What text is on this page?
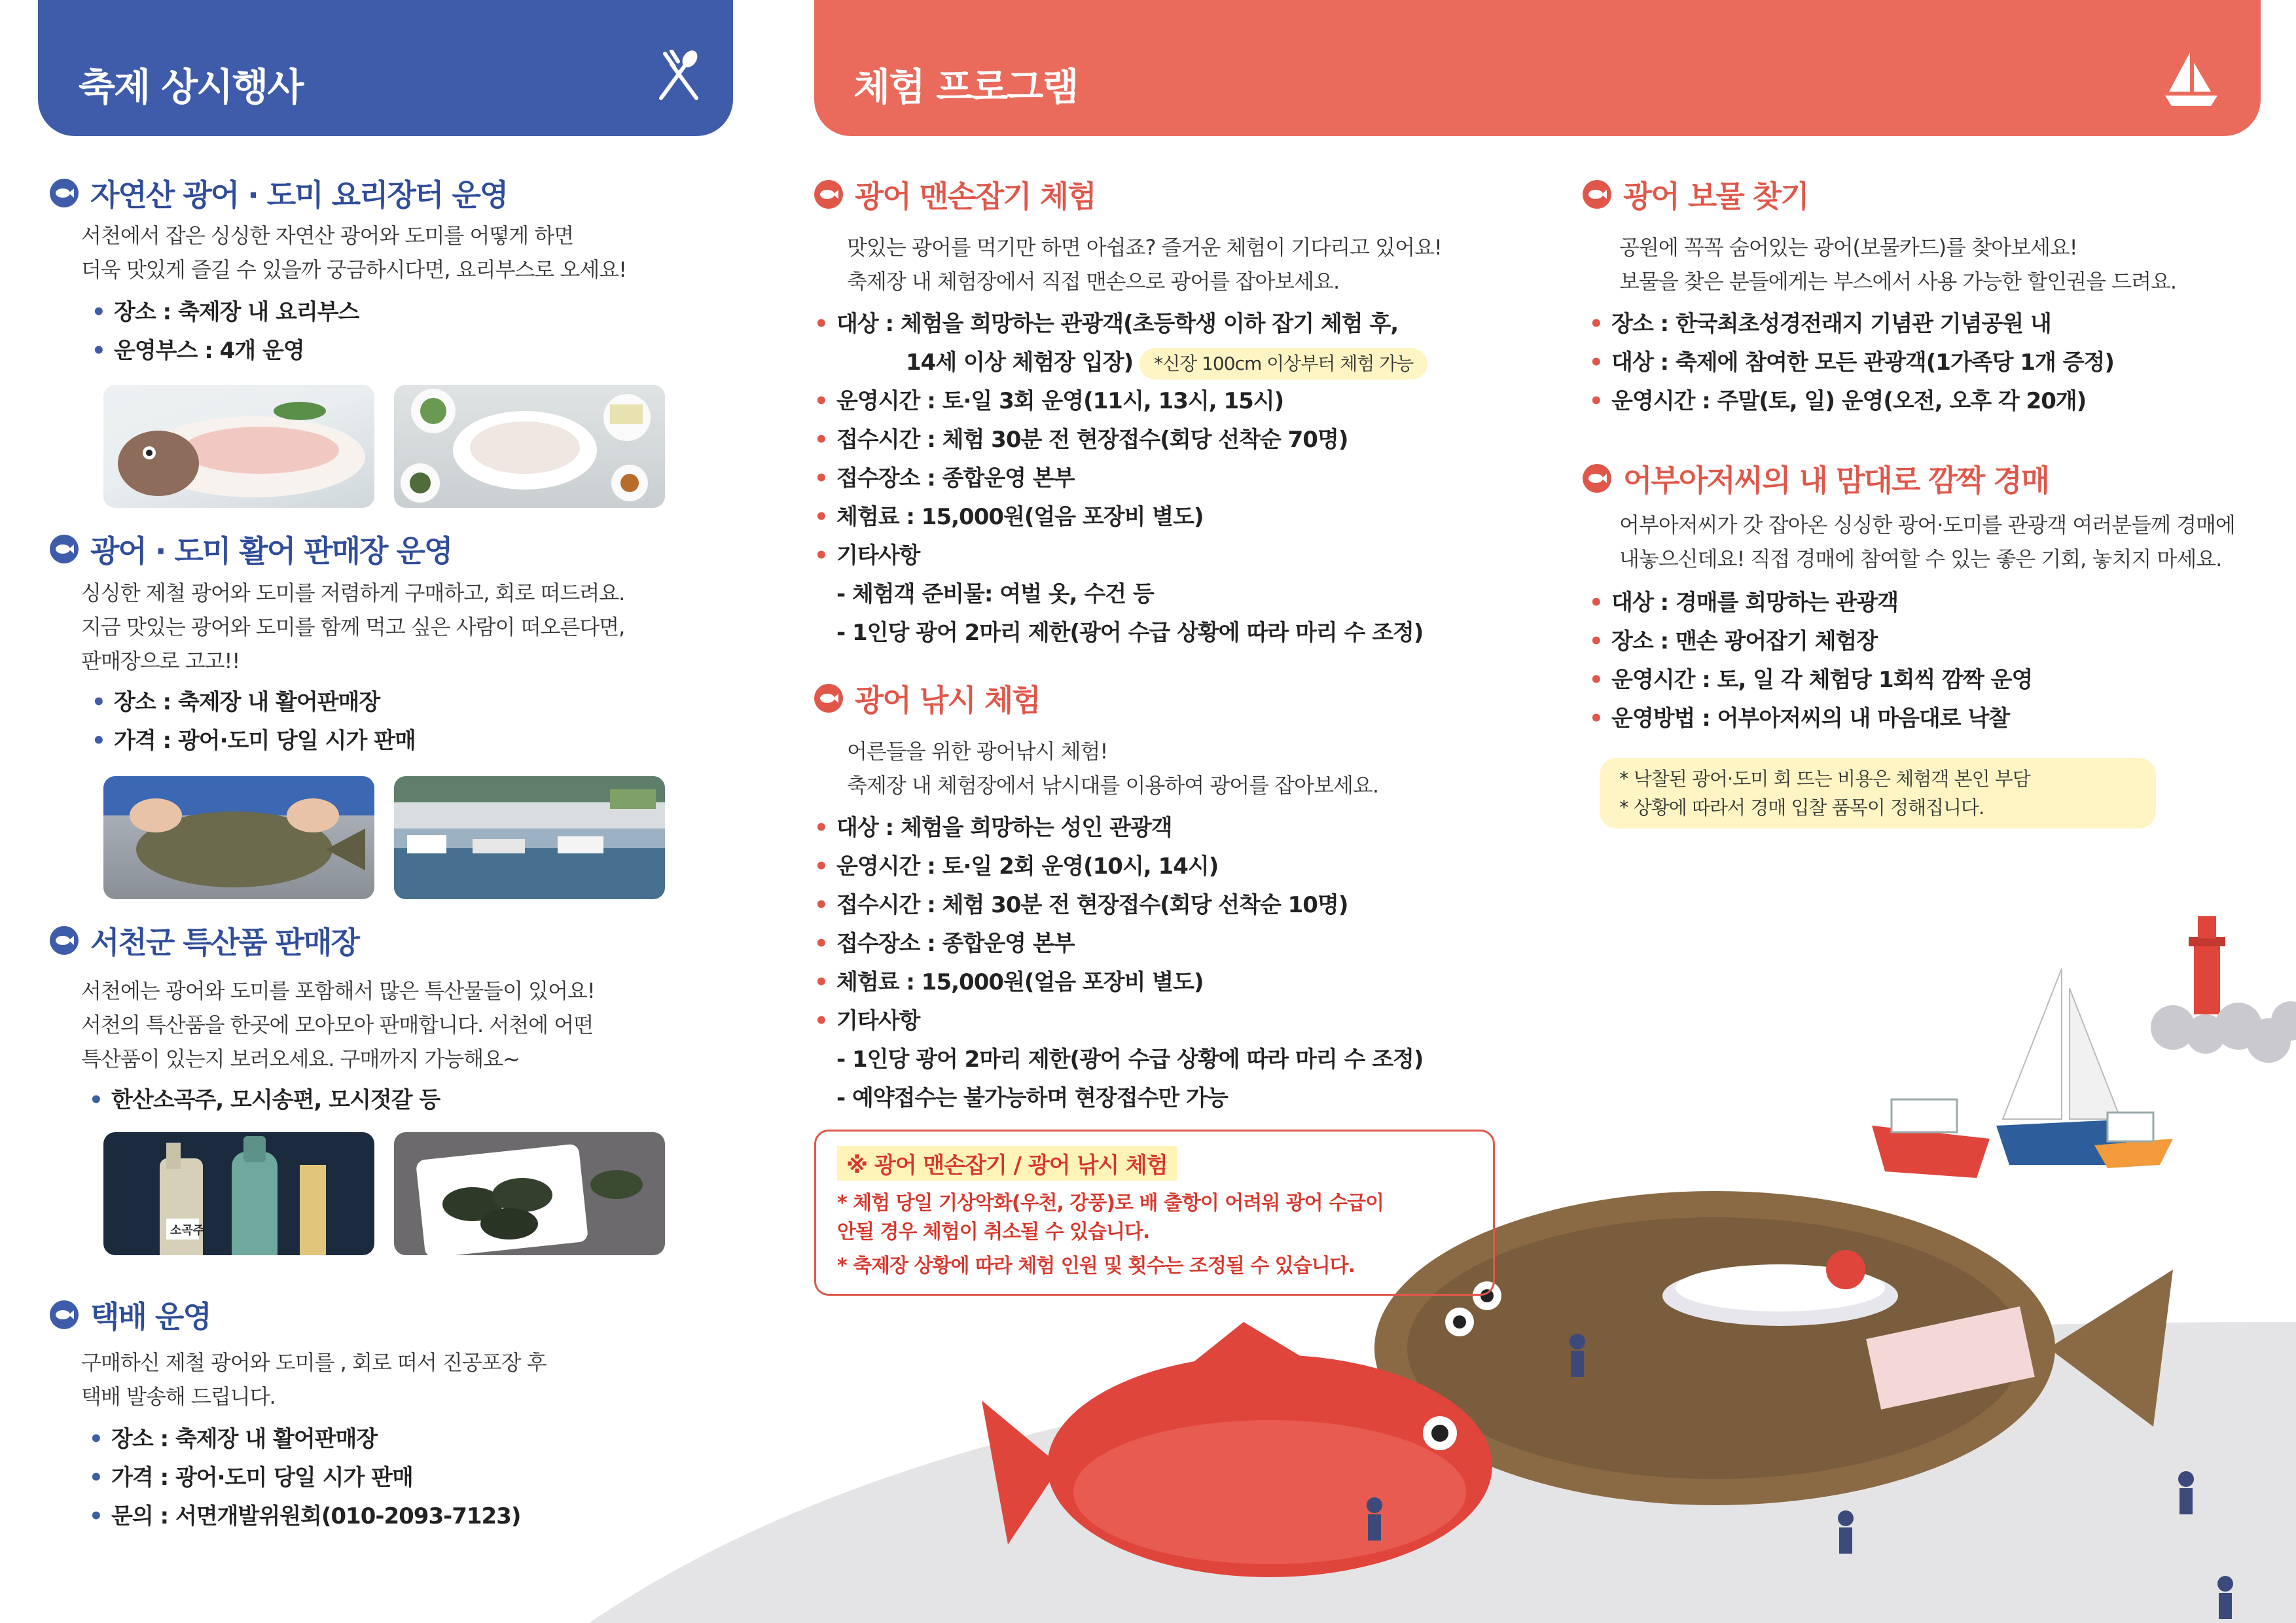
축제 상시행사	체험 프로그램
자연산 광어 · 도미 요리장터 운영
서천에서 잡은 싱싱한 자연산 광어와 도미를 어떻게 하면
더욱 맛있게 즐길 수 있을까 궁금하시다면, 요리부스로 오세요!
• 장소 : 축제장 내 요리부스
• 운영부스 : 4개 운영
광어 · 도미 활어 판매장 운영
싱싱한 제철 광어와 도미를 저렴하게 구매하고, 회로 떠드려요.
지금 맛있는 광어와 도미를 함께 먹고 싶은 사람이 떠오른다면,
판매장으로 고고!!
• 장소 : 축제장 내 활어판매장
• 가격 : 광어·도미 당일 시가 판매
서천군 특산품 판매장
서천에는 광어와 도미를 포함해서 많은 특산물들이 있어요!
서천의 특산품을 한곳에 모아모아 판매합니다. 서천에 어떤
특산품이 있는지 보러오세요. 구매까지 가능해요~
• 한산소곡주, 모시송편, 모시젓갈 등
소곡주
택배 운영
구매하신 제철 광어와 도미를 , 회로 떠서 진공포장 후
택배 발송해 드립니다.
• 장소 : 축제장 내 활어판매장
• 가격 : 광어·도미 당일 시가 판매
• 문의 : 서면개발위원회(010-2093-7123)
광어 맨손잡기 체험
맛있는 광어를 먹기만 하면 아쉽죠? 즐거운 체험이 기다리고 있어요!
축제장 내 체험장에서 직접 맨손으로 광어를 잡아보세요.
• 대상 : 체험을 희망하는 관광객(초등학생 이하 잡기 체험 후,
14세 이상 체험장 입장) *신장 100cm 이상부터 체험 가능
• 운영시간 : 토·일 3회 운영(11시, 13시, 15시)
• 접수시간 : 체험 30분 전 현장접수(회당 선착순 70명)
• 접수장소 : 종합운영 본부
• 체험료 : 15,000원(얼음 포장비 별도)
• 기타사항
- 체험객 준비물: 여벌 옷, 수건 등
- 1인당 광어 2마리 제한(광어 수급 상황에 따라 마리 수 조정)
광어 낚시 체험
어른들을 위한 광어낚시 체험!
축제장 내 체험장에서 낚시대를 이용하여 광어를 잡아보세요.
• 대상 : 체험을 희망하는 성인 관광객
• 운영시간 : 토·일 2회 운영(10시, 14시)
• 접수시간 : 체험 30분 전 현장접수(회당 선착순 10명)
• 접수장소 : 종합운영 본부
• 체험료 : 15,000원(얼음 포장비 별도)
• 기타사항
- 1인당 광어 2마리 제한(광어 수급 상황에 따라 마리 수 조정)
- 예약접수는 불가능하며 현장접수만 가능
※ 광어 맨손잡기 / 광어 낚시 체험
* 체험 당일 기상악화(우천, 강풍)로 배 출항이 어려워 광어 수급이
안될 경우 체험이 취소될 수 있습니다.
* 축제장 상황에 따라 체험 인원 및 횟수는 조정될 수 있습니다.
광어 보물 찾기
공원에 꼭꼭 숨어있는 광어(보물카드)를 찾아보세요!
보물을 찾은 분들에게는 부스에서 사용 가능한 할인권을 드려요.
• 장소 : 한국최초성경전래지 기념관 기념공원 내
• 대상 : 축제에 참여한 모든 관광객(1가족당 1개 증정)
• 운영시간 : 주말(토, 일) 운영(오전, 오후 각 20개)
어부아저씨의 내 맘대로 깜짝 경매
어부아저씨가 갓 잡아온 싱싱한 광어·도미를 관광객 여러분들께 경매에
내놓으신데요! 직접 경매에 참여할 수 있는 좋은 기회, 놓치지 마세요.
• 대상 : 경매를 희망하는 관광객
• 장소 : 맨손 광어잡기 체험장
• 운영시간 : 토, 일 각 체험당 1회씩 깜짝 운영
• 운영방법 : 어부아저씨의 내 마음대로 낙찰
* 낙찰된 광어·도미 회 뜨는 비용은 체험객 본인 부담
* 상황에 따라서 경매 입찰 품목이 정해집니다.
